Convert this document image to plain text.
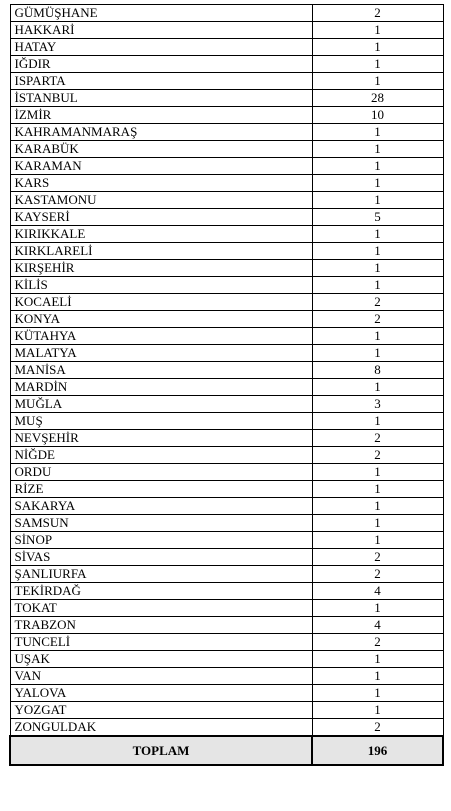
GÜMÜŞHANE	2
HAKKARİ	1
HATAY	1
IĞDIR	1
ISPARTA	1
İSTANBUL	28
İZMİR	10
KAHRAMANMARAŞ	1
KARABÜK	1
KARAMAN	1
KARS	1
KASTAMONU	1
KAYSERİ	5
KIRIKKALE	1
KIRKLARELİ	1
KIRŞEHİR	1
KİLİS	1
KOCAELİ	2
KONYA	2
KÜTAHYA	1
MALATYA	1
MANİSA	8
MARDİN	1
MUĞLA	3
MUŞ	1
NEVŞEHİR	2
NİĞDE	2
ORDU	1
RİZE	1
SAKARYA	1
SAMSUN	1
SİNOP	1
SİVAS	2
ŞANLIURFA	2
TEKİRDAĞ	4
TOKAT	1
TRABZON	4
TUNCELİ	2
UŞAK	1
VAN	1
YALOVA	1
YOZGAT	1
ZONGULDAK	2
TOPLAM	196
